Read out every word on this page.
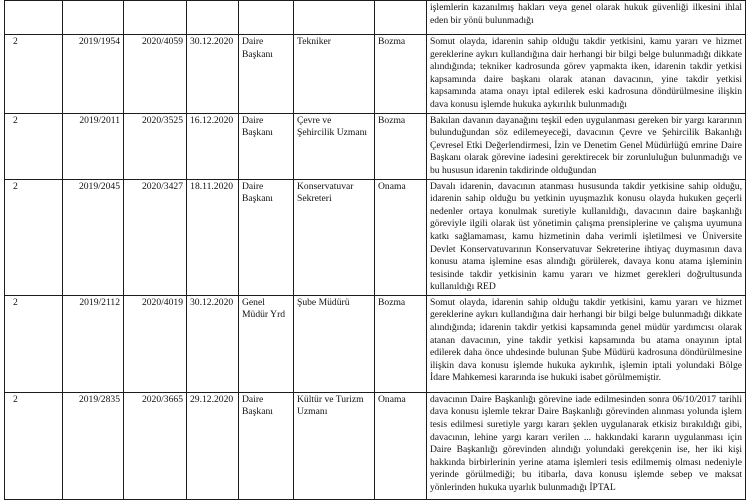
							işlemlerin kazanılmış hakları veya genel olarak hukuk güvenliği ilkesini ihlal eden bir yönü bulunmadığı
2	2019/1954	2020/4059	30.12.2020	Daire Başkanı	Tekniker	Bozma	Somut olayda, idarenin sahip olduğu takdir yetkisini, kamu yararı ve hizmet gereklerine aykırı kullandığına dair herhangi bir bilgi belge bulunmadığı dikkate alındığında; tekniker kadrosunda görev yapmakta iken, idarenin takdir yetkisi kapsamında daire başkanı olarak atanan davacının, yine takdir yetkisi kapsamında atama onayı iptal edilerek eski kadrosuna döndürülmesine ilişkin dava konusu işlemde hukuka aykırılık bulunmadığı
2	2019/2011	2020/3525	16.12.2020	Daire Başkanı	Çevre ve Şehircilik Uzmanı	Bozma	Bakılan davanın dayanağını teşkil eden uygulanması gereken bir yargı kararının bulunduğundan söz edilemeyeceği, davacının Çevre ve Şehircilik Bakanlığı Çevresel Etki Değerlendirmesi, İzin ve Denetim Genel Müdürlüğü emrine Daire Başkanı olarak görevine iadesini gerektirecek bir zorunluluğun bulunmadığı ve bu hususun idarenin takdirinde olduğundan
2	2019/2045	2020/3427	18.11.2020	Daire Başkanı	Konservatuvar Sekreteri	Onama	Davalı idarenin, davacının atanması hususunda takdir yetkisine sahip olduğu, idarenin sahip olduğu bu yetkinin uyuşmazlık konusu olayda hukuken geçerli nedenler ortaya konulmak suretiyle kullanıldığı, davacının daire başkanlığı göreviyle ilgili olarak üst yönetimin çalışma prensiplerine ve çalışma uyumuna katkı sağlamaması, kamu hizmetinin daha verimli işletilmesi ve Üniversite Devlet Konservatuvarının Konservatuvar Sekreterine ihtiyaç duymasının dava konusu atama işlemine esas alındığı görülerek, davaya konu atama işleminin tesisinde takdir yetkisinin kamu yararı ve hizmet gerekleri doğrultusunda kullanıldığı RED
2	2019/2112	2020/4019	30.12.2020	Genel Müdür Yrd	Şube Müdürü	Bozma	Somut olayda, idarenin sahip olduğu takdir yetkisini, kamu yararı ve hizmet gereklerine aykırı kullandığına dair herhangi bir bilgi belge bulunmadığı dikkate alındığında; idarenin takdir yetkisi kapsamında genel müdür yardımcısı olarak atanan davacının, yine takdir yetkisi kapsamında bu atama onayının iptal edilerek daha önce uhdesinde bulunan Şube Müdürü kadrosuna döndürülmesine ilişkin dava konusu işlemde hukuka aykırılık, işlemin iptali yolundaki Bölge İdare Mahkemesi kararında ise hukuki isabet görülmemiştir.
2	2019/2835	2020/3665	29.12.2020	Daire Başkanı	Kültür ve Turizm Uzmanı	Onama	davacının Daire Başkanlığı görevine iade edilmesinden sonra 06/10/2017 tarihli dava konusu işlemle tekrar Daire Başkanlığı görevinden alınması yolunda işlem tesis edilmesi suretiyle yargı kararı şeklen uygulanarak etkisiz bırakıldığı gibi, davacının, lehine yargı kararı verilen ... hakkındaki kararın uygulanması için Daire Başkanlığı görevinden alındığı yolundaki gerekçenin ise, her iki kişi hakkında birbirlerinin yerine atama işlemleri tesis edilmemiş olması nedeniyle yerinde görülmediği; bu itibarla, dava konusu işlemde sebep ve maksat yönlerinden hukuka uyarlık bulunmadığı İPTAL
